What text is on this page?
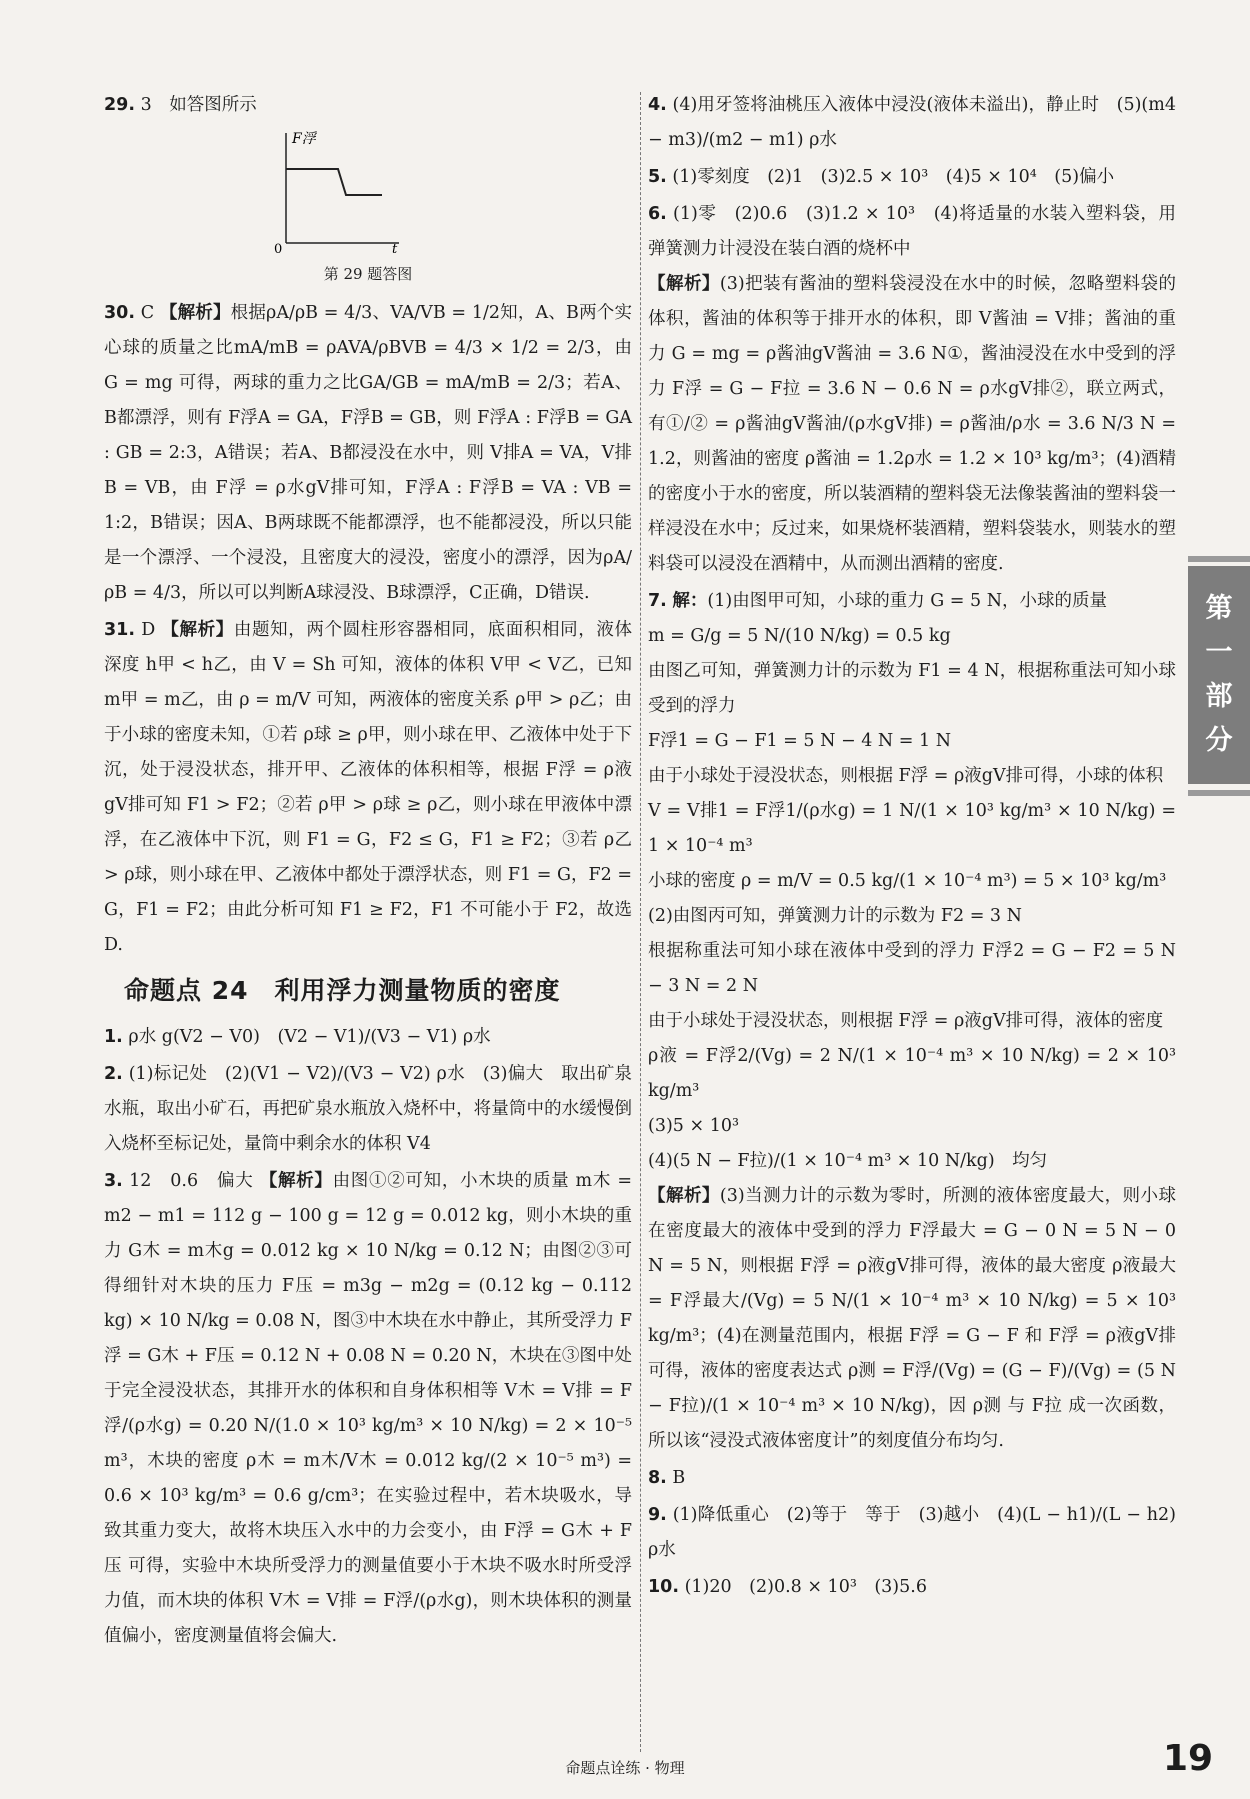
29. 3　如答图所示
F浮
0	t
第 29 题答图
30. C 【解析】根据ρA/ρB = 4/3、VA/VB = 1/2知，A、B两个实心球的质量之比mA/mB = ρAVA/ρBVB = 4/3 × 1/2 = 2/3，由 G = mg 可得，两球的重力之比GA/GB = mA/mB = 2/3；若A、B都漂浮，则有 F浮A = GA，F浮B = GB，则 F浮A : F浮B = GA : GB = 2:3，A错误；若A、B都浸没在水中，则 V排A = VA，V排B = VB，由 F浮 = ρ水gV排可知，F浮A : F浮B = VA : VB = 1:2，B错误；因A、B两球既不能都漂浮，也不能都浸没，所以只能是一个漂浮、一个浸没，且密度大的浸没，密度小的漂浮，因为ρA/ρB = 4/3，所以可以判断A球浸没、B球漂浮，C正确，D错误.
31. D 【解析】由题知，两个圆柱形容器相同，底面积相同，液体深度 h甲 < h乙，由 V = Sh 可知，液体的体积 V甲 < V乙，已知 m甲 = m乙，由 ρ = m/V 可知，两液体的密度关系 ρ甲 > ρ乙；由于小球的密度未知，①若 ρ球 ≥ ρ甲，则小球在甲、乙液体中处于下沉，处于浸没状态，排开甲、乙液体的体积相等，根据 F浮 = ρ液gV排可知 F1 > F2；②若 ρ甲 > ρ球 ≥ ρ乙，则小球在甲液体中漂浮，在乙液体中下沉，则 F1 = G，F2 ≤ G，F1 ≥ F2；③若 ρ乙 > ρ球，则小球在甲、乙液体中都处于漂浮状态，则 F1 = G，F2 = G，F1 = F2；由此分析可知 F1 ≥ F2，F1 不可能小于 F2，故选 D.
命题点 24　利用浮力测量物质的密度
1. ρ水 g(V2 − V0)　(V2 − V1)/(V3 − V1) ρ水
2. (1)标记处　(2)(V1 − V2)/(V3 − V2) ρ水　(3)偏大　取出矿泉水瓶，取出小矿石，再把矿泉水瓶放入烧杯中，将量筒中的水缓慢倒入烧杯至标记处，量筒中剩余水的体积 V4
3. 12　0.6　偏大 【解析】由图①②可知，小木块的质量 m木 = m2 − m1 = 112 g − 100 g = 12 g = 0.012 kg，则小木块的重力 G木 = m木g = 0.012 kg × 10 N/kg = 0.12 N；由图②③可得细针对木块的压力 F压 = m3g − m2g = (0.12 kg − 0.112 kg) × 10 N/kg = 0.08 N，图③中木块在水中静止，其所受浮力 F浮 = G木 + F压 = 0.12 N + 0.08 N = 0.20 N，木块在③图中处于完全浸没状态，其排开水的体积和自身体积相等 V木 = V排 = F浮/(ρ水g) = 0.20 N/(1.0 × 10³ kg/m³ × 10 N/kg) = 2 × 10⁻⁵ m³，木块的密度 ρ木 = m木/V木 = 0.012 kg/(2 × 10⁻⁵ m³) = 0.6 × 10³ kg/m³ = 0.6 g/cm³；在实验过程中，若木块吸水，导致其重力变大，故将木块压入水中的力会变小，由 F浮 = G木 + F压 可得，实验中木块所受浮力的测量值要小于木块不吸水时所受浮力值，而木块的体积 V木 = V排 = F浮/(ρ水g)，则木块体积的测量值偏小，密度测量值将会偏大.
4. (4)用牙签将油桃压入液体中浸没(液体未溢出)，静止时　(5)(m4 − m3)/(m2 − m1) ρ水
5. (1)零刻度　(2)1　(3)2.5 × 10³　(4)5 × 10⁴　(5)偏小
6. (1)零　(2)0.6　(3)1.2 × 10³　(4)将适量的水装入塑料袋，用弹簧测力计浸没在装白酒的烧杯中
【解析】(3)把装有酱油的塑料袋浸没在水中的时候，忽略塑料袋的体积，酱油的体积等于排开水的体积，即 V酱油 = V排；酱油的重力 G = mg = ρ酱油gV酱油 = 3.6 N①，酱油浸没在水中受到的浮力 F浮 = G − F拉 = 3.6 N − 0.6 N = ρ水gV排②，联立两式，有①/② = ρ酱油gV酱油/(ρ水gV排) = ρ酱油/ρ水 = 3.6 N/3 N = 1.2，则酱油的密度 ρ酱油 = 1.2ρ水 = 1.2 × 10³ kg/m³；(4)酒精的密度小于水的密度，所以装酒精的塑料袋无法像装酱油的塑料袋一样浸没在水中；反过来，如果烧杯装酒精，塑料袋装水，则装水的塑料袋可以浸没在酒精中，从而测出酒精的密度.
7. 解：(1)由图甲可知，小球的重力 G = 5 N，小球的质量
m = G/g = 5 N/(10 N/kg) = 0.5 kg
由图乙可知，弹簧测力计的示数为 F1 = 4 N，根据称重法可知小球受到的浮力
F浮1 = G − F1 = 5 N − 4 N = 1 N
由于小球处于浸没状态，则根据 F浮 = ρ液gV排可得，小球的体积
V = V排1 = F浮1/(ρ水g) = 1 N/(1 × 10³ kg/m³ × 10 N/kg) = 1 × 10⁻⁴ m³
小球的密度 ρ = m/V = 0.5 kg/(1 × 10⁻⁴ m³) = 5 × 10³ kg/m³
(2)由图丙可知，弹簧测力计的示数为 F2 = 3 N
根据称重法可知小球在液体中受到的浮力 F浮2 = G − F2 = 5 N − 3 N = 2 N
由于小球处于浸没状态，则根据 F浮 = ρ液gV排可得，液体的密度
ρ液 = F浮2/(Vg) = 2 N/(1 × 10⁻⁴ m³ × 10 N/kg) = 2 × 10³ kg/m³
(3)5 × 10³
(4)(5 N − F拉)/(1 × 10⁻⁴ m³ × 10 N/kg)　均匀
【解析】(3)当测力计的示数为零时，所测的液体密度最大，则小球在密度最大的液体中受到的浮力 F浮最大 = G − 0 N = 5 N − 0 N = 5 N，则根据 F浮 = ρ液gV排可得，液体的最大密度 ρ液最大 = F浮最大/(Vg) = 5 N/(1 × 10⁻⁴ m³ × 10 N/kg) = 5 × 10³ kg/m³；(4)在测量范围内，根据 F浮 = G − F 和 F浮 = ρ液gV排可得，液体的密度表达式 ρ测 = F浮/(Vg) = (G − F)/(Vg) = (5 N − F拉)/(1 × 10⁻⁴ m³ × 10 N/kg)，因 ρ测 与 F拉 成一次函数，所以该“浸没式液体密度计”的刻度值分布均匀.
8. B
9. (1)降低重心　(2)等于　等于　(3)越小　(4)(L − h1)/(L − h2) ρ水
10. (1)20　(2)0.8 × 10³　(3)5.6
第
一
部
分
命题点诠练 · 物理	19
